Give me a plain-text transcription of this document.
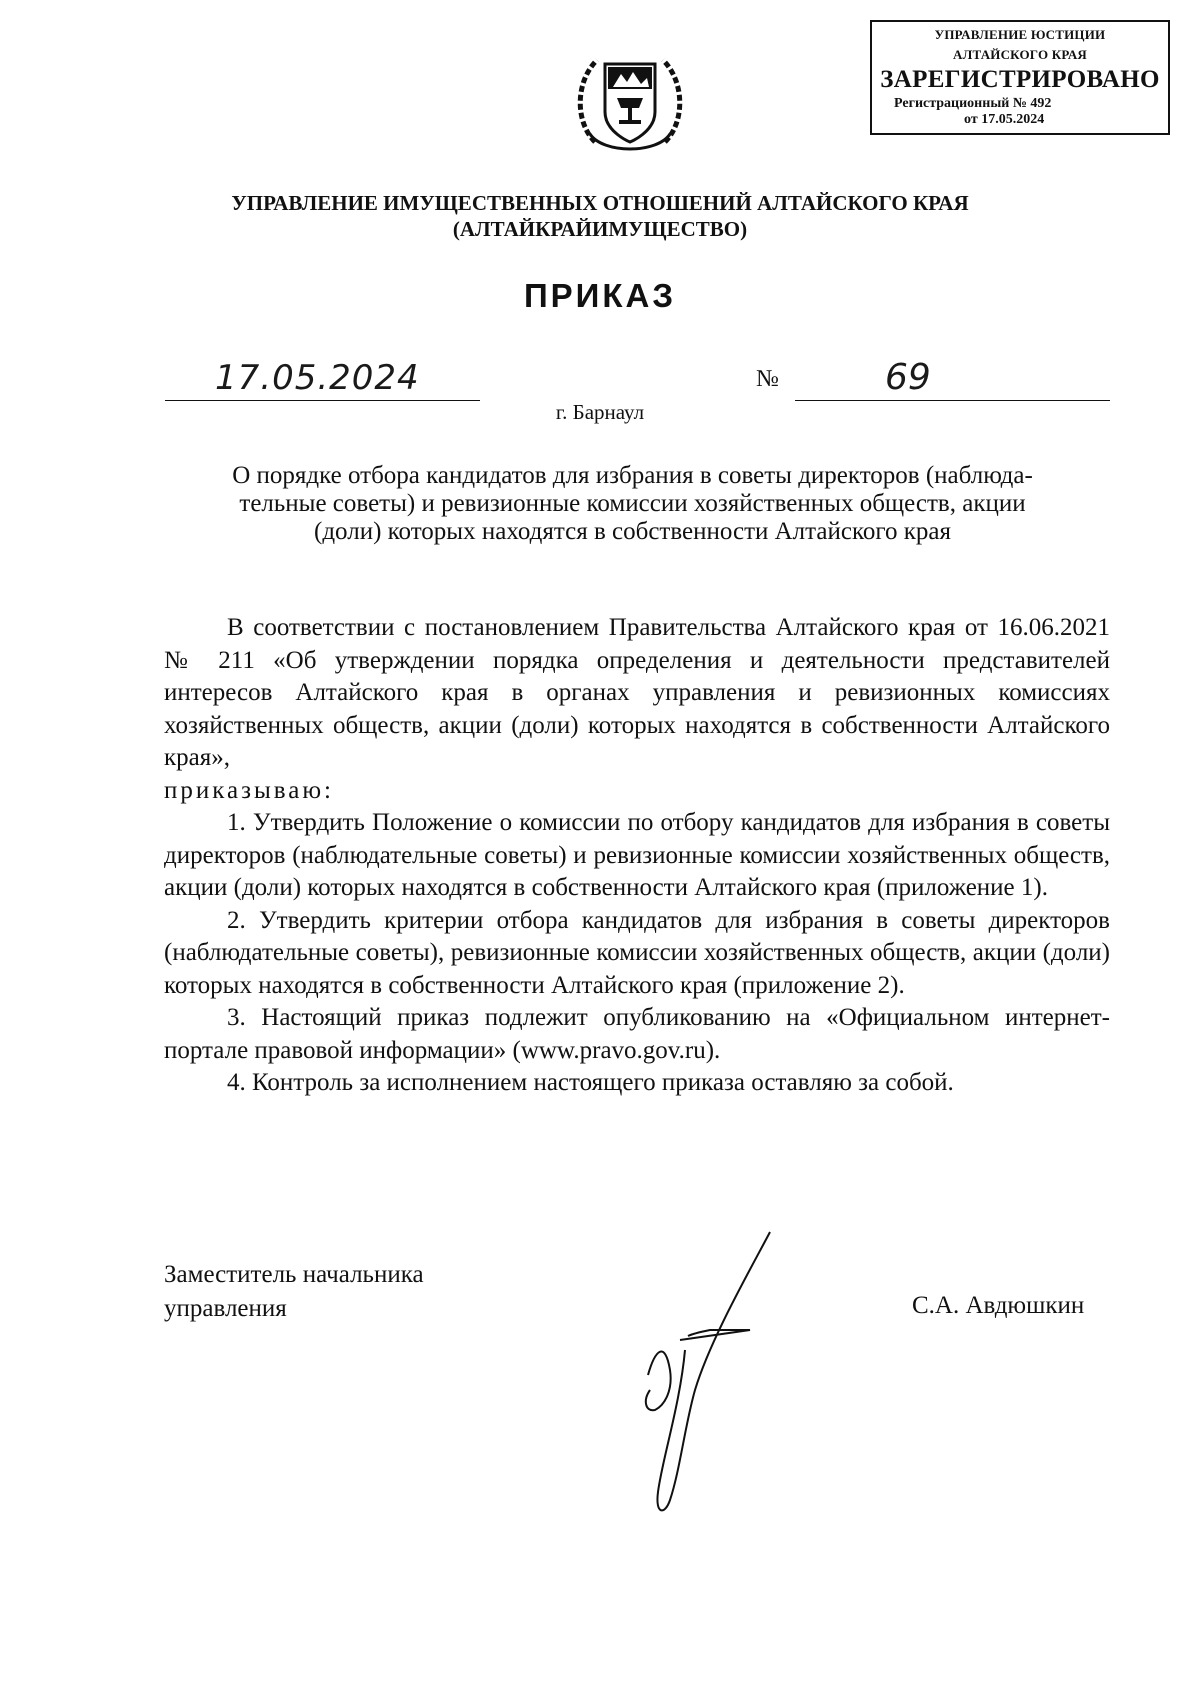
УПРАВЛЕНИЕ ЮСТИЦИИ
АЛТАЙСКОГО КРАЯ
ЗАРЕГИСТРИРОВАНО
Регистрационный № 492
от 17.05.2024
УПРАВЛЕНИЕ ИМУЩЕСТВЕННЫХ ОТНОШЕНИЙ АЛТАЙСКОГО КРАЯ
(АЛТАЙКРАЙИМУЩЕСТВО)
ПРИКАЗ
17.05.2024	№	69
г. Барнаул
О порядке отбора кандидатов для избрания в советы директоров (наблюда-
тельные советы) и ревизионные комиссии хозяйственных обществ, акции
(доли) которых находятся в собственности Алтайского края

В соответствии с постановлением Правительства Алтайского края от 16.06.2021 № 211 «Об утверждении порядка определения и деятельности представителей интересов Алтайского края в органах управления и ревизионных комиссиях хозяйственных обществ, акции (доли) которых находятся в собственности Алтайского края»,

приказываю:

1. Утвердить Положение о комиссии по отбору кандидатов для избрания в советы директоров (наблюдательные советы) и ревизионные комиссии хозяйственных обществ, акции (доли) которых находятся в собственности Алтайского края (приложение 1).

2. Утвердить критерии отбора кандидатов для избрания в советы директоров (наблюдательные советы), ревизионные комиссии хозяйственных обществ, акции (доли) которых находятся в собственности Алтайского края (приложение 2).

3. Настоящий приказ подлежит опубликованию на «Официальном интернет-портале правовой информации» (www.pravo.gov.ru).

4. Контроль за исполнением настоящего приказа оставляю за собой.

Заместитель начальника
управления	С.А. Авдюшкин
